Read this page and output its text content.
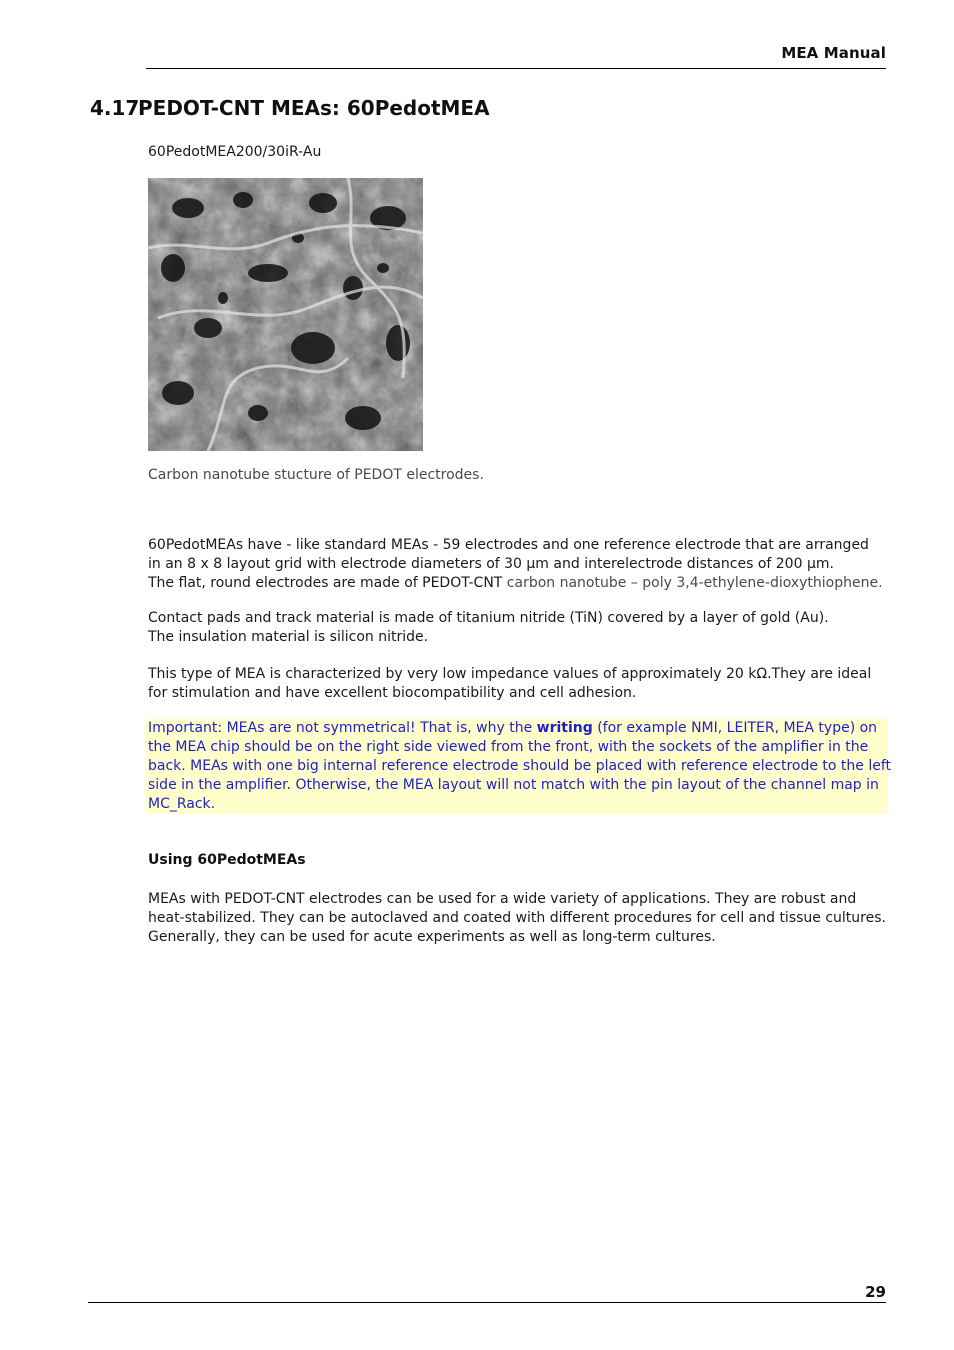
MEA Manual
4.17PEDOT-CNT MEAs: 60PedotMEA
60PedotMEA200/30iR-Au
Carbon nanotube stucture of PEDOT electrodes.
60PedotMEAs have - like standard MEAs - 59 electrodes and one reference electrode that are arranged
in an 8 x 8 layout grid with electrode diameters of 30 µm and interelectrode distances of 200 µm.
The flat, round electrodes are made of PEDOT-CNT carbon nanotube – poly 3,4-ethylene-dioxythiophene.
Contact pads and track material is made of titanium nitride (TiN) covered by a layer of gold (Au).
The insulation material is silicon nitride.
This type of MEA is characterized by very low impedance values of approximately 20 kΩ.They are ideal
for stimulation and have excellent biocompatibility and cell adhesion.
Important: MEAs are not symmetrical! That is, why the writing (for example NMI, LEITER, MEA type) on
the MEA chip should be on the right side viewed from the front, with the sockets of the amplifier in the
back. MEAs with one big internal reference electrode should be placed with reference electrode to the left
side in the amplifier. Otherwise, the MEA layout will not match with the pin layout of the channel map in
MC_Rack.
Using 60PedotMEAs
MEAs with PEDOT-CNT electrodes can be used for a wide variety of applications. They are robust and
heat-stabilized. They can be autoclaved and coated with different procedures for cell and tissue cultures.
Generally, they can be used for acute experiments as well as long-term cultures.
29
